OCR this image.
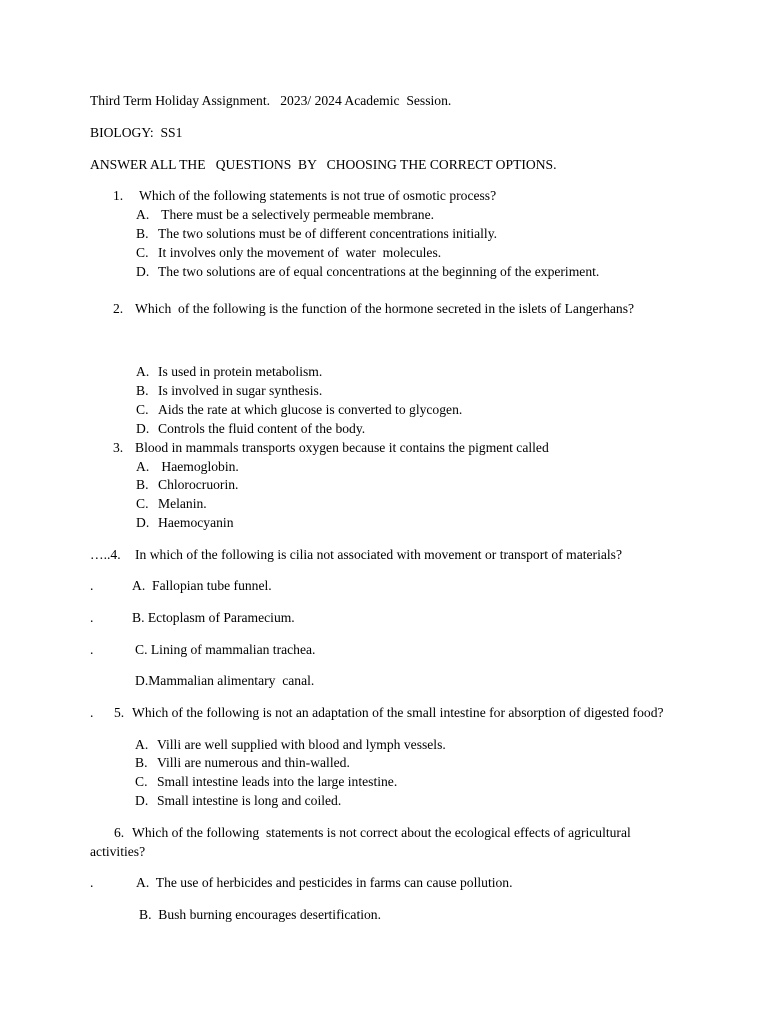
Third Term Holiday Assignment.   2023/ 2024 Academic  Session.
BIOLOGY:  SS1
ANSWER ALL THE   QUESTIONS  BY   CHOOSING THE CORRECT OPTIONS.
1. Which of the following statements is not true of osmotic process?
A. There must be a selectively permeable membrane.
B. The two solutions must be of different concentrations initially.
C. It involves only the movement of  water  molecules.
D. The two solutions are of equal concentrations at the beginning of the experiment.
2. Which  of the following is the function of the hormone secreted in the islets of Langerhans?
A. Is used in protein metabolism.
B. Is involved in sugar synthesis.
C. Aids the rate at which glucose is converted to glycogen.
D. Controls the fluid content of the body.
3. Blood in mammals transports oxygen because it contains the pigment called
A. Haemoglobin.
B. Chlorocruorin.
C. Melanin.
D. Haemocyanin
…..4. In which of the following is cilia not associated with movement or transport of materials?
.	A.  Fallopian tube funnel.
.	B. Ectoplasm of Paramecium.
.	C. Lining of mammalian trachea.
D.Mammalian alimentary  canal.
. 5. Which of the following is not an adaptation of the small intestine for absorption of digested food?
A. Villi are well supplied with blood and lymph vessels.
B. Villi are numerous and thin-walled.
C. Small intestine leads into the large intestine.
D. Small intestine is long and coiled.
6. Which of the following  statements is not correct about the ecological effects of agricultural
activities?
.	A.  The use of herbicides and pesticides in farms can cause pollution.
B.  Bush burning encourages desertification.
